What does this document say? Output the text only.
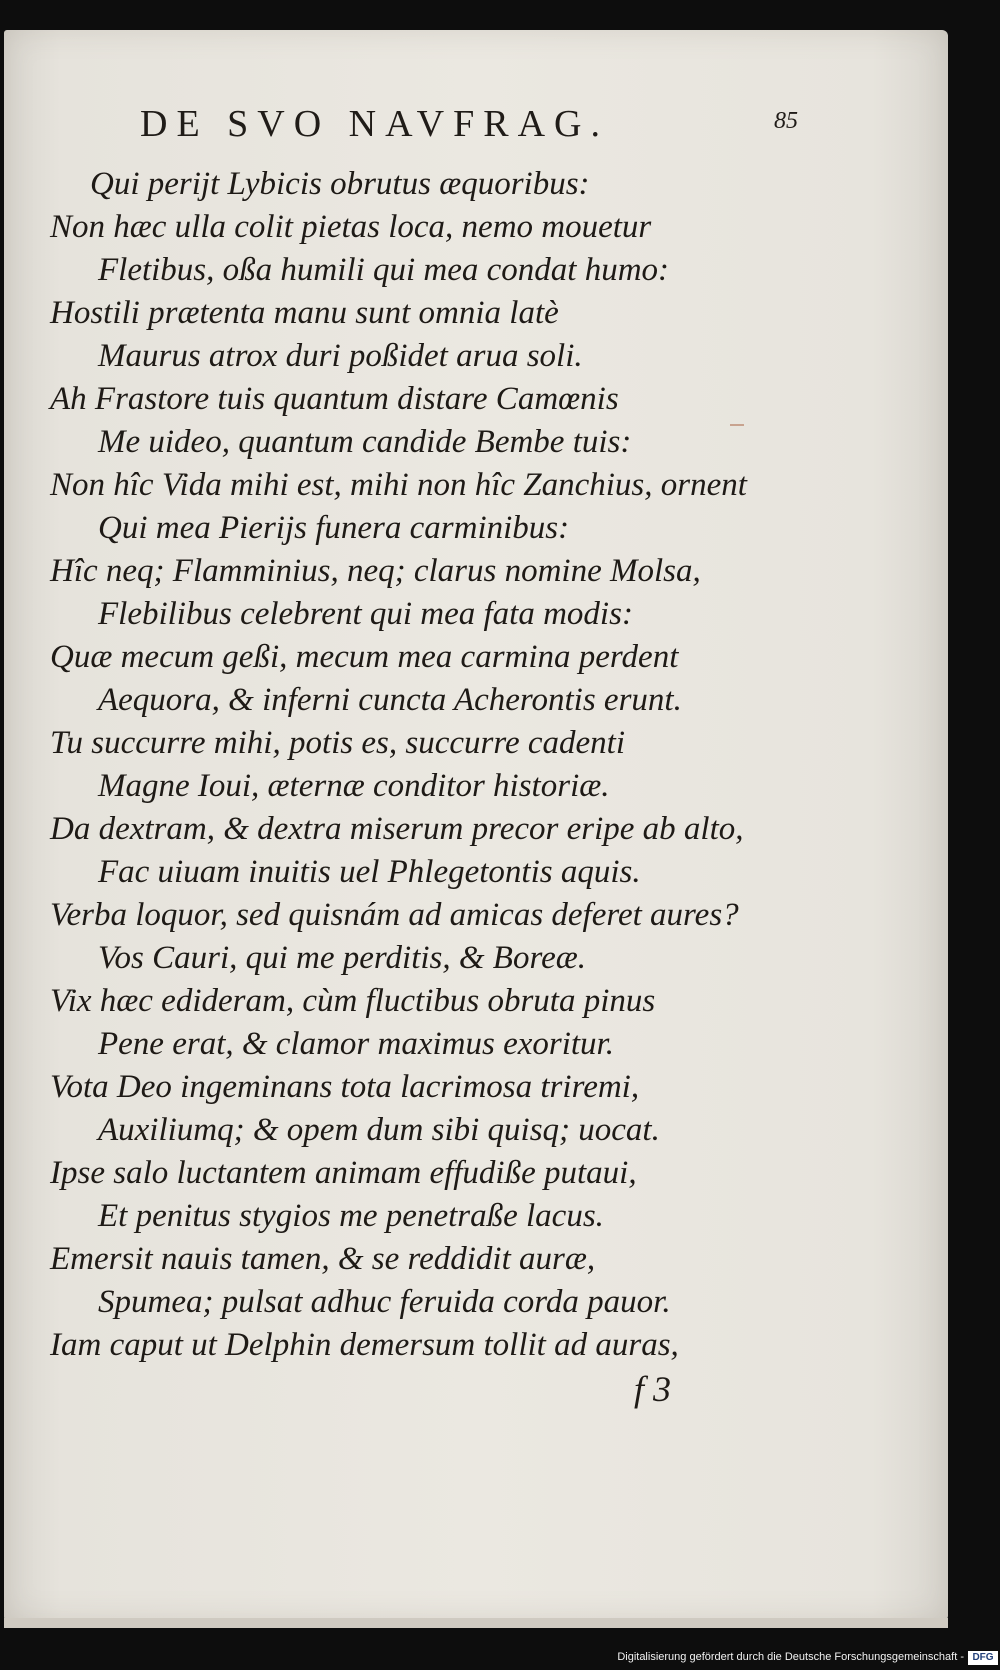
DE SVO NAVFRAG.	85
Qui perijt Lybicis obrutus æquoribus:
Non hæc ulla colit pietas loca, nemo mouetur
Fletibus, oßa humili qui mea condat humo:
Hostili prætenta manu sunt omnia latè
Maurus atrox duri poßidet arua soli.
Ah Frastore tuis quantum distare Camœnis
Me uideo, quantum candide Bembe tuis:
Non hîc Vida mihi est, mihi non hîc Zanchius, ornent
Qui mea Pierijs funera carminibus:
Hîc neq; Flamminius, neq; clarus nomine Molsa,
Flebilibus celebrent qui mea fata modis:
Quæ mecum geßi, mecum mea carmina perdent
Aequora, & inferni cuncta Acherontis erunt.
Tu succurre mihi, potis es, succurre cadenti
Magne Ioui, æternæ conditor historiæ.
Da dextram, & dextra miserum precor eripe ab alto,
Fac uiuam inuitis uel Phlegetontis aquis.
Verba loquor, sed quisnám ad amicas deferet aures?
Vos Cauri, qui me perditis, & Boreæ.
Vix hæc edideram, cùm fluctibus obruta pinus
Pene erat, & clamor maximus exoritur.
Vota Deo ingeminans tota lacrimosa triremi,
Auxiliumq; & opem dum sibi quisq; uocat.
Ipse salo luctantem animam effudiße putaui,
Et penitus stygios me penetraße lacus.
Emersit nauis tamen, & se reddidit auræ,
Spumea; pulsat adhuc feruida corda pauor.
Iam caput ut Delphin demersum tollit ad auras,
f 3
Digitalisierung gefördert durch die Deutsche Forschungsgemeinschaft - DFG
